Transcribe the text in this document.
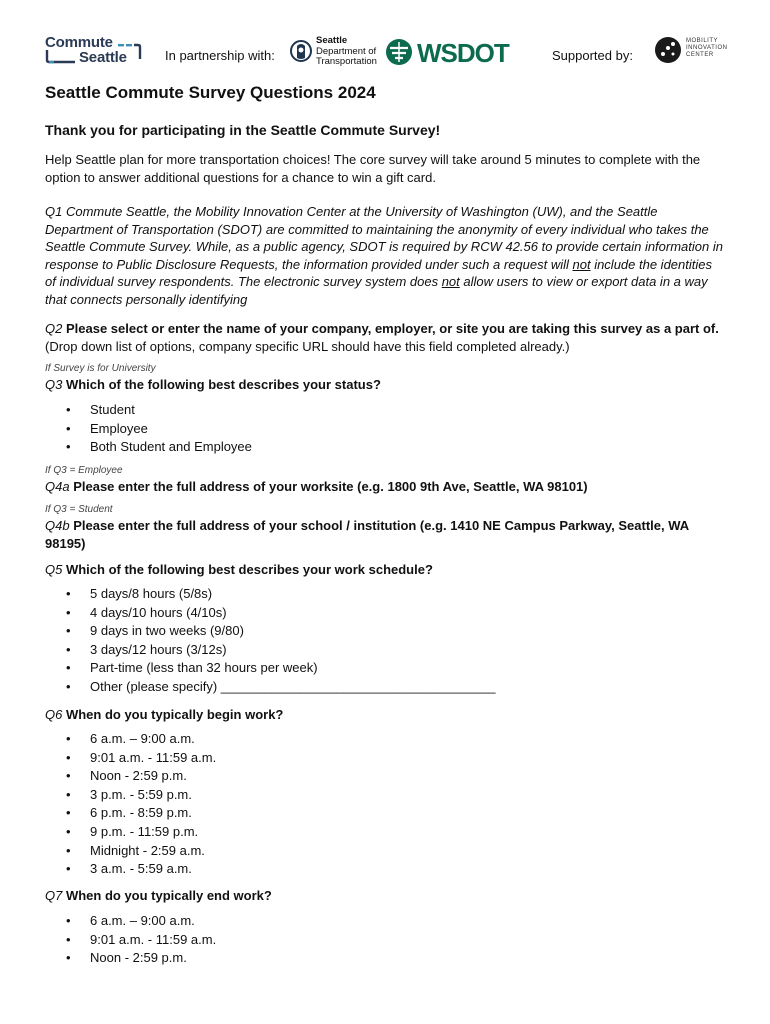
Commute
Seattle	In partnership with:
Seattle
Department of
Transportation WSDOT	Supported by:
MOBILITY
INNOVATION
CENTER
Seattle Commute Survey Questions 2024
Thank you for participating in the Seattle Commute Survey!

Help Seattle plan for more transportation choices! The core survey will take around 5 minutes to complete with the option to answer additional questions for a chance to win a gift card.

Q1 Commute Seattle, the Mobility Innovation Center at the University of Washington (UW), and the Seattle Department of Transportation (SDOT) are committed to maintaining the anonymity of every individual who takes the Seattle Commute Survey. While, as a public agency, SDOT is required by RCW 42.56 to provide certain information in response to Public Disclosure Requests, the information provided under such a request will not include the identities of individual survey respondents. The electronic survey system does not allow users to view or export data in a way that connects personally identifying

Q2 Please select or enter the name of your company, employer, or site you are taking this survey as a part of. (Drop down list of options, company specific URL should have this field completed already.)

If Survey is for University

Q3 Which of the following best describes your status?

• Student
• Employee
• Both Student and Employee
If Q3 = Employee

Q4a Please enter the full address of your worksite (e.g. 1800 9th Ave, Seattle, WA 98101)

If Q3 = Student

Q4b Please enter the full address of your school / institution (e.g. 1410 NE Campus Parkway, Seattle, WA 98195)

Q5 Which of the following best describes your work schedule?

• 5 days/8 hours (5/8s)
• 4 days/10 hours (4/10s)
• 9 days in two weeks (9/80)
• 3 days/12 hours (3/12s)
• Part-time (less than 32 hours per week)
• Other (please specify) ______________________________________

Q6 When do you typically begin work?

• 6 a.m. – 9:00 a.m.
• 9:01 a.m. - 11:59 a.m.
• Noon - 2:59 p.m.
• 3 p.m. - 5:59 p.m.
• 6 p.m. - 8:59 p.m.
• 9 p.m. - 11:59 p.m.
• Midnight - 2:59 a.m.
• 3 a.m. - 5:59 a.m.

Q7 When do you typically end work?

• 6 a.m. – 9:00 a.m.
• 9:01 a.m. - 11:59 a.m.
• Noon - 2:59 p.m.
